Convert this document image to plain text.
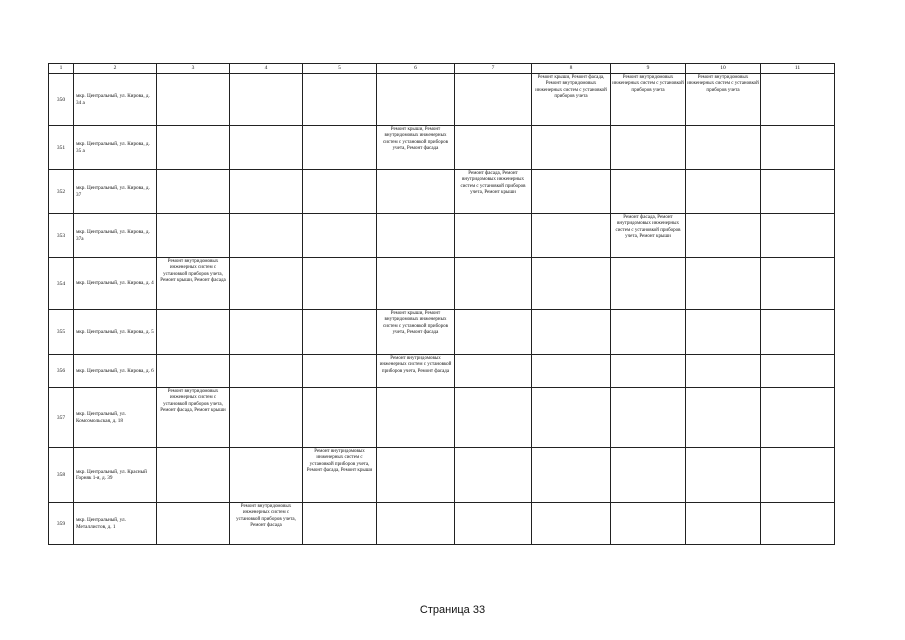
1	2	3	4	5	6	7	8	9	10	11
350	мкр. Центральный, ул. Кирова, д. 34 а						Ремонт крыши, Ремонт фасада, Ремонт внутридомовых инженерных систем с установкой приборов учета	Ремонт внутридомовых инженерных систем с установкой приборов учета	Ремонт внутридомовых инженерных систем с установкой приборов учета	
351	мкр. Центральный, ул. Кирова, д. 35 а				Ремонт крыши, Ремонт внутридомовых инженерных систем с установкой приборов учета, Ремонт фасада					
352	мкр. Центральный, ул. Кирова, д. 37					Ремонт фасада, Ремонт внутридомовых инженерных систем с установкой приборов учета, Ремонт крыши				
353	мкр. Центральный, ул. Кирова, д. 37а							Ремонт фасада, Ремонт внутридомовых инженерных систем с установкой приборов учета, Ремонт крыши		
354	мкр. Центральный, ул. Кирова, д. 4	Ремонт внутридомовых инженерных систем с установкой приборов учета, Ремонт крыши, Ремонт фасада								
355	мкр. Центральный, ул. Кирова, д. 5				Ремонт крыши, Ремонт внутридомовых инженерных систем с установкой приборов учета, Ремонт фасада					
356	мкр. Центральный, ул. Кирова, д. 6				Ремонт внутридомовых инженерных систем с установкой приборов учета, Ремонт фасада					
357	мкр. Центральный, ул. Комсомольская, д. 18	Ремонт внутридомовых инженерных систем с установкой приборов учета, Ремонт фасада, Ремонт крыши								
358	мкр. Центральный, ул. Красный Горняк 1-я, д. 39			Ремонт внутридомовых инженерных систем с установкой приборов учета, Ремонт фасада, Ремонт крыши						
359	мкр. Центральный, ул. Металлистов, д. 1		Ремонт внутридомовых инженерных систем с установкой приборов учета, Ремонт фасада							
Страница 33
